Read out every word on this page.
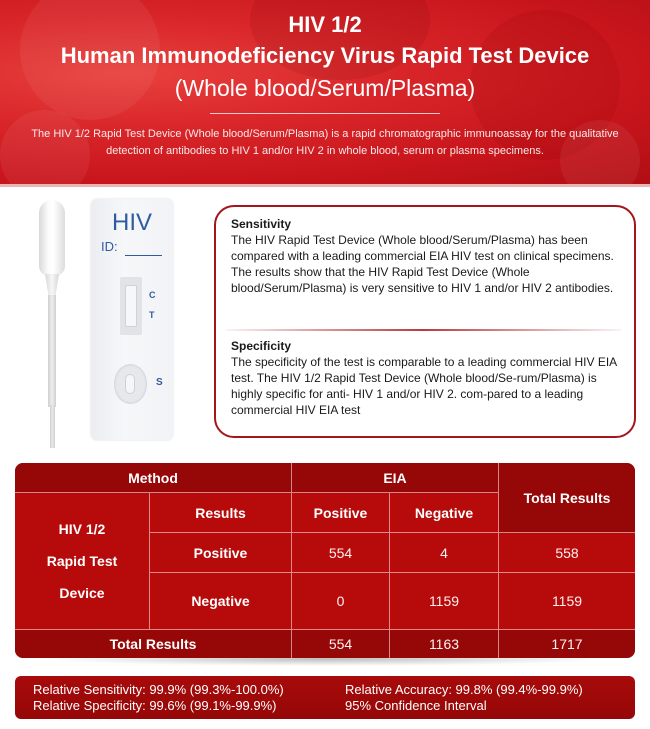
HIV 1/2
Human Immunodeficiency Virus Rapid Test Device
(Whole blood/Serum/Plasma)
The HIV 1/2 Rapid Test Device (Whole blood/Serum/Plasma) is a rapid chromatographic immunoassay for the qualitative detection of antibodies to HIV 1 and/or HIV 2 in whole blood, serum or plasma specimens.
HIV
ID:
C
T
S
Sensitivity

The HIV Rapid Test Device (Whole blood/Serum/Plasma) has been compared with a leading commercial EIA HIV test on clinical specimens. The results show that the HIV Rapid Test Device (Whole blood/Serum/Plasma) is very sensitive to HIV 1 and/or HIV 2 antibodies.

Specificity

The specificity of the test is comparable to a leading commercial HIV EIA test. The HIV 1/2 Rapid Test Device (Whole blood/Se-rum/Plasma) is highly specific for anti- HIV 1 and/or HIV 2. com-pared to a leading commercial HIV EIA test

Method	EIA
Total Results
HIV 1/2
Rapid Test
Device
Results	Positive	Negative
Positive	554	4	558
Negative	0	1159	1159
Total Results	554	1163	1717
Relative Sensitivity: 99.9% (99.3%-100.0%)
Relative Specificity: 99.6% (99.1%-99.9%)
Relative Accuracy: 99.8% (99.4%-99.9%)
95% Confidence Interval
